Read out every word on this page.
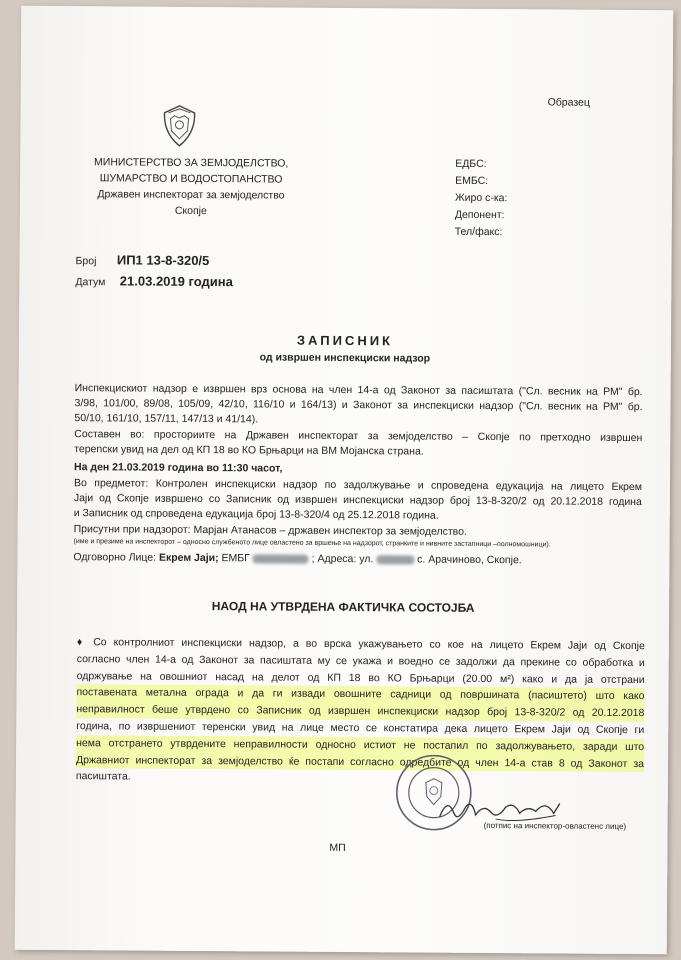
Образец
МИНИСТЕРСТВО ЗА ЗЕМЈОДЕЛСТВО,
ШУМАРСТВО И ВОДОСТОПАНСТВО
Државен инспекторат за земјоделство
Скопје
ЕДБС:
ЕМБС:
Жиро с-ка:
Депонент:
Тел/факс:
Број ИП1 13-8-320/5
Датум 21.03.2019 година
ЗАПИСНИК
од извршен инспекциски надзор
Инспекцискиот надзор е извршен врз основа на член 14-а од Законот за пасиштата ("Сл. весник на РМ" бр.
3/98, 101/00, 89/08, 105/09, 42/10, 116/10 и 164/13) и Законот за инспекциски надзор ("Сл. весник на РМ" бр.
50/10, 161/10, 157/11, 147/13 и 41/14).
Составен во: просториите на Државен инспекторат за земјоделство – Скопје по претходно извршен
терenски увид на дел од КП 18 во КО Брњарци на ВМ Мојанска страна.
На ден 21.03.2019 година во 11:30 часот,
Во предметот: Контролен инспекциски надзор по задолжување и спроведена едукација на лицето Екрем
Јаји од Скопје извршено со Записник од извршен инспекциски надзор број 13-8-320/2 од 20.12.2018 година
и Записник од спроведена едукација број 13-8-320/4 од 25.12.2018 година.
Присутни при надзорот: Марјан Атанасов – државен инспектор за земјоделство.
(име и презиме на инспекторот – односно службеното лице овластено за вршење на надзорот, странките и нивните застапници –полномошници).
Одговорно Лице: Екрем Јаји; ЕМБГ	; Адреса: ул.	с. Арачиново, Скопје.
НАОД НА УТВРДЕНА ФАКТИЧКА СОСТОЈБА
♦ Со контролниот инспекциски надзор, а во врска укажувањето со кое на лицето Екрем Јаји од Скопје
согласно член 14-а од Законот за пасиштата му се укажа и воедно се задолжи да прекине со обработка и
одржување на овошниот насад на делот од КП 18 во КО Брњарци (20.00 м²) како и да ја отстрани
поставената метална ограда и да ги извади овошните садници од површината (пасиштето) што како
неправилност беше утврдено со Записник од извршен инспекциски надзор број 13-8-320/2 од 20.12.2018
година, по извршениот теренски увид на лице место се констатира дека лицето Екрем Јаји од Скопје ги
нема отстрането утврдените неправилности односно истиот не постапил по задолжувањето, заради што
Државниот инспекторат за земјоделство ќе постапи согласно одредбите од член 14-а став 8 од Законот за
пасиштата.
(потпис на инспектор-овластенс лице)
МП
